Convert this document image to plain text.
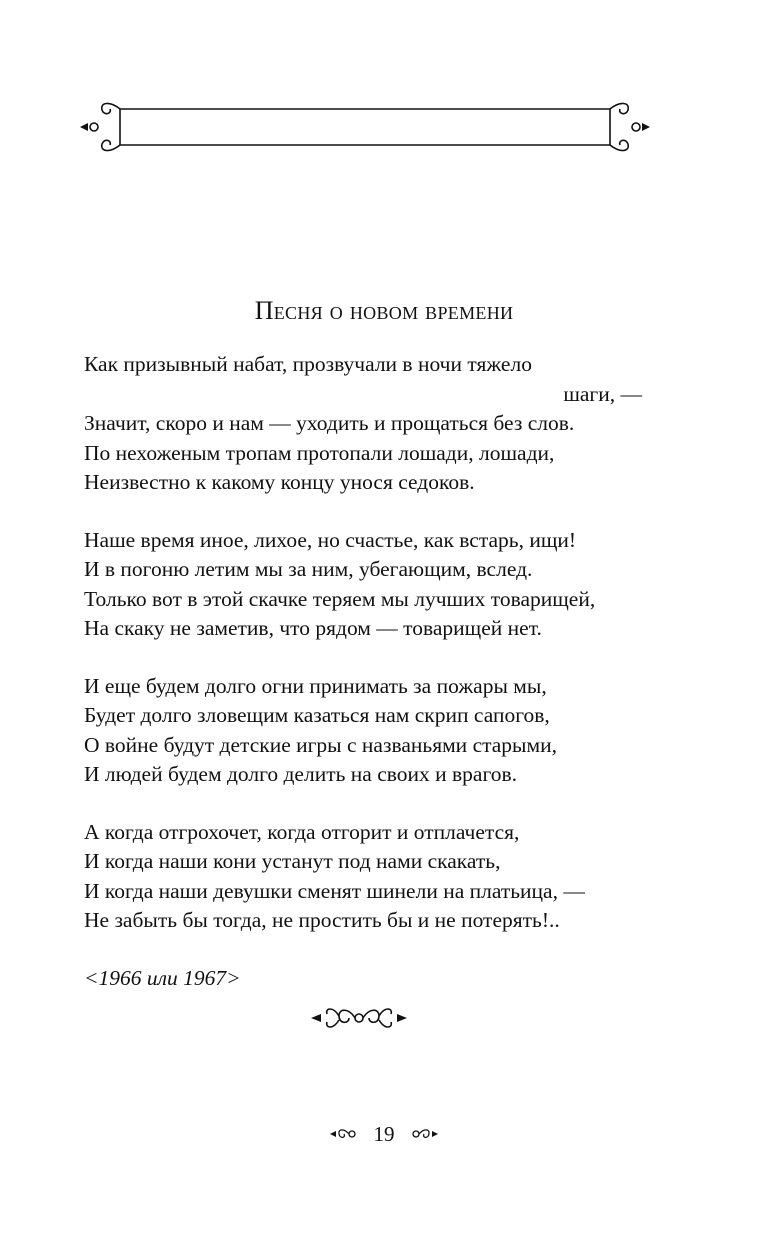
Песня о новом времени
Как призывный набат, прозвучали в ночи тяжело
шаги, —
Значит, скоро и нам — уходить и прощаться без слов.
По нехоженым тропам протопали лошади, лошади,
Неизвестно к какому концу унося седоков.
Наше время иное, лихое, но счастье, как встарь, ищи!
И в погоню летим мы за ним, убегающим, вслед.
Только вот в этой скачке теряем мы лучших товарищей,
На скаку не заметив, что рядом — товарищей нет.
И еще будем долго огни принимать за пожары мы,
Будет долго зловещим казаться нам скрип сапогов,
О войне будут детские игры с названьями старыми,
И людей будем долго делить на своих и врагов.
А когда отгрохочет, когда отгорит и отплачется,
И когда наши кони устанут под нами скакать,
И когда наши девушки сменят шинели на платьица, —
Не забыть бы тогда, не простить бы и не потерять!..
<1966 или 1967>
19
